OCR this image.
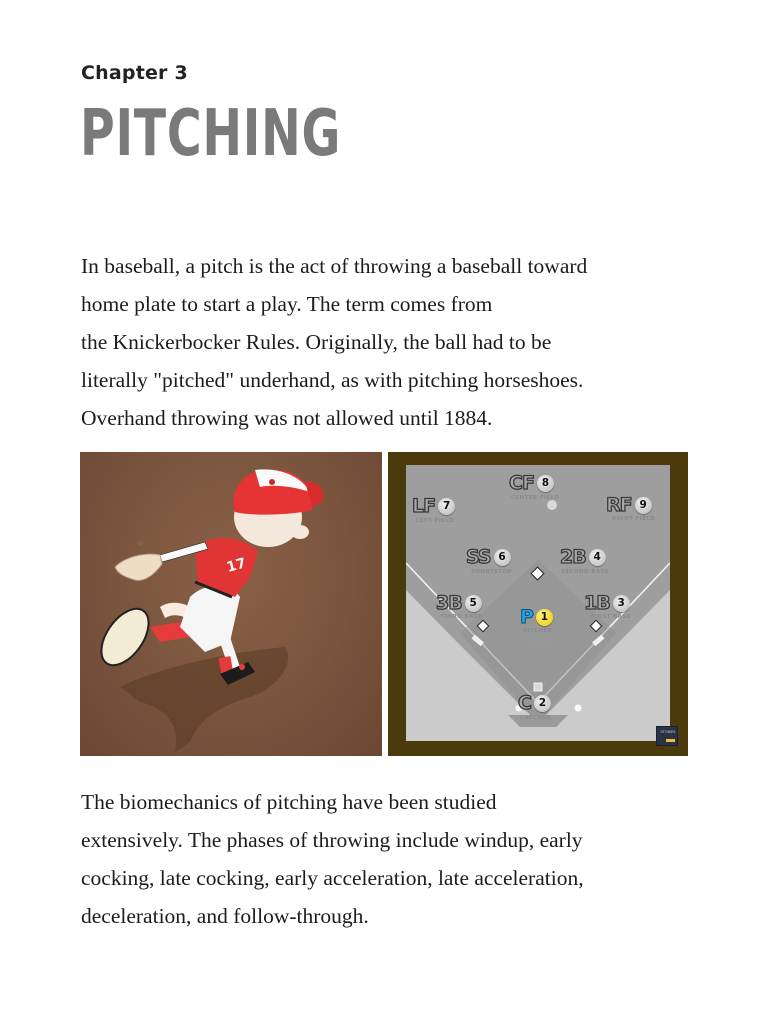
Chapter 3
PITCHING
In baseball, a pitch is the act of throwing a baseball toward
home plate to start a play. The term comes from
the Knickerbocker Rules. Originally, the ball had to be
literally "pitched" underhand, as with pitching horseshoes.
Overhand throwing was not allowed until 1884.
17
CF 8
CENTER FIELD
LF 7
LEFT FIELD
RF 9
RIGHT FIELD
SS 6
SHORTSTOP
2B 4
SECOND BASE
3B 5
THIRD BASE P 1
PITCHER
1B 3
FIRST BASE
C 2
CATCHER
STORIES
The biomechanics of pitching have been studied
extensively. The phases of throwing include windup, early
cocking, late cocking, early acceleration, late acceleration,
deceleration, and follow-through.
